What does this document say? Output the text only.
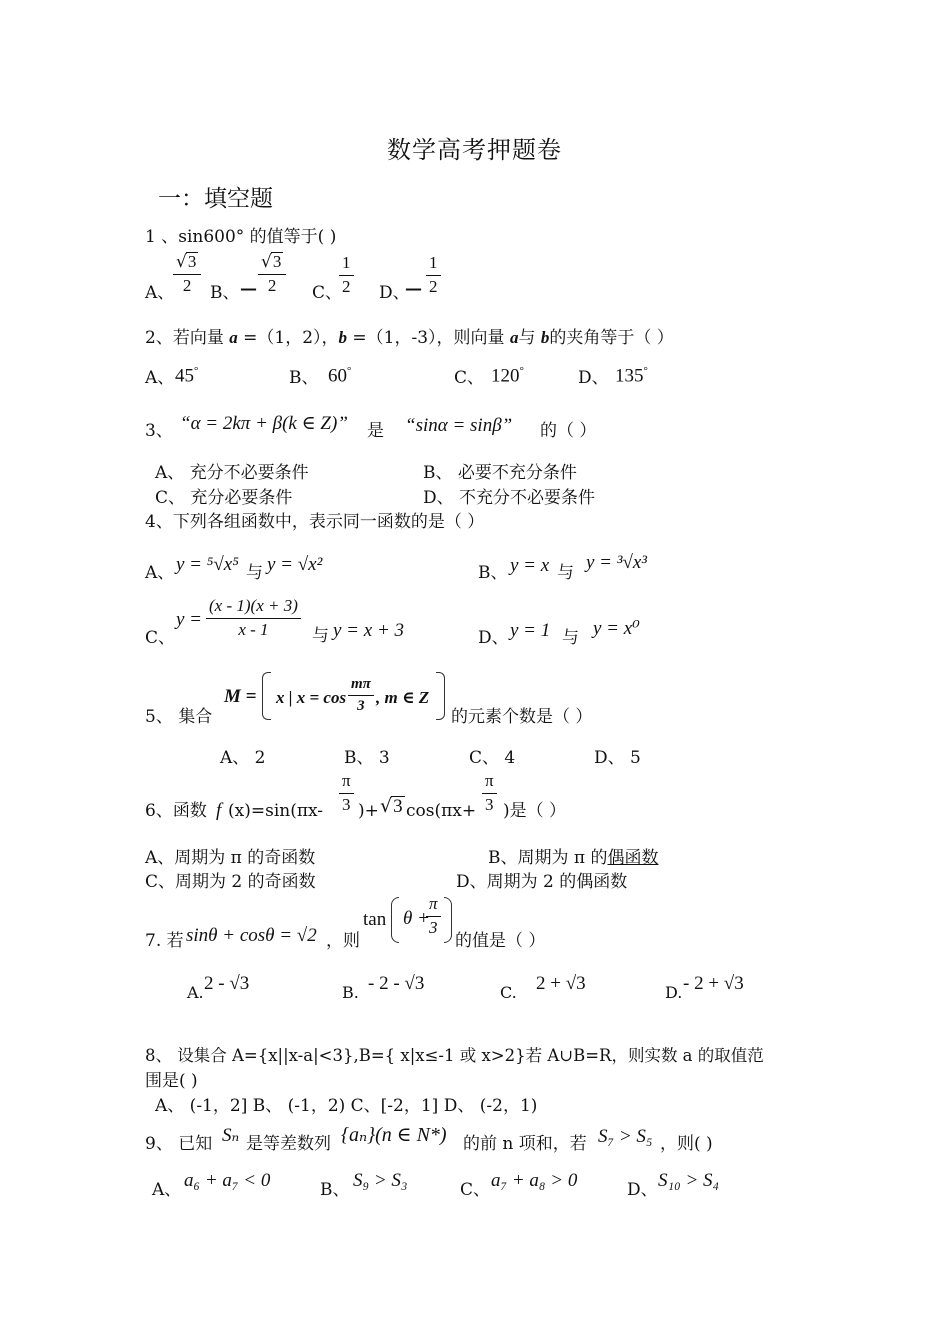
数学高考押题卷
一：填空题
1 、sin600° 的值等于( )
A、
$\frac{√3}{2}$ B、 — $\frac{√3}{2}$ C、
$\frac{1}{2}$ D、
— $\frac{1}{2}$
2、若向量 a =（1，2），b =（1，-3），则向量 a与 b的夹角等于（ ）
A、 45°	B、 60°	C、 120°	D、 135°
3、 “α = 2kπ + β(k ∈ Z)” 是 “sinα = sinβ” 的（ ）
A、 充分不必要条件	B、 必要不充分条件
C、 充分必要条件	D、 不充分不必要条件
4、下列各组函数中，表示同一函数的是（ ）
A、 y = ⁵√x⁵ 与 y = √x²	B、 y = x 与 y = ³√x³
C、
$y = \frac{(x - 1)(x + 3)}{x - 1}$ 与 y = x + 3	D、 y = 1 与 y = x⁰
5、 集合
M = x | $x = \cos \frac{m\pi}{3}$ , m ∈ Z
的元素个数是（ ）
A、 2	B、 3	C、 4	D、 5
6、函数 f $(x)=\sin(\pi x- \frac{\pi}{3}$ )+ √3 $\cos(\pi x+ \frac{\pi}{3}$ )是（ ）
A、周期为 π 的奇函数	B、周期为 π 的偶函数
C、周期为 2 的奇函数	D、周期为 2 的偶函数
7. 若 sinθ + cosθ = √2 ，则
tan θ +
$\frac{\pi}{3}$
的值是（ ）
A. 2 - √3	B. - 2 - √3	C. 2 + √3	D. - 2 + √3
8、 设集合 A={x||x-a|<3},B={ x|x≤-1 或 x>2}若 A∪B=R，则实数 a 的取值范
围是( )
A、 (-1，2] B、 (-1，2) C、[-2，1] D、 (-2，1)
9、 已知 Sₙ 是等差数列 {aₙ}(n ∈ N*) 的前 n 项和，若 S₇ > S₅ ，则( )
A、 a₆ + a₇ < 0	B、 S₉ > S₃	C、 a₇ + a₈ > 0	D、 S₁₀ > S₄
